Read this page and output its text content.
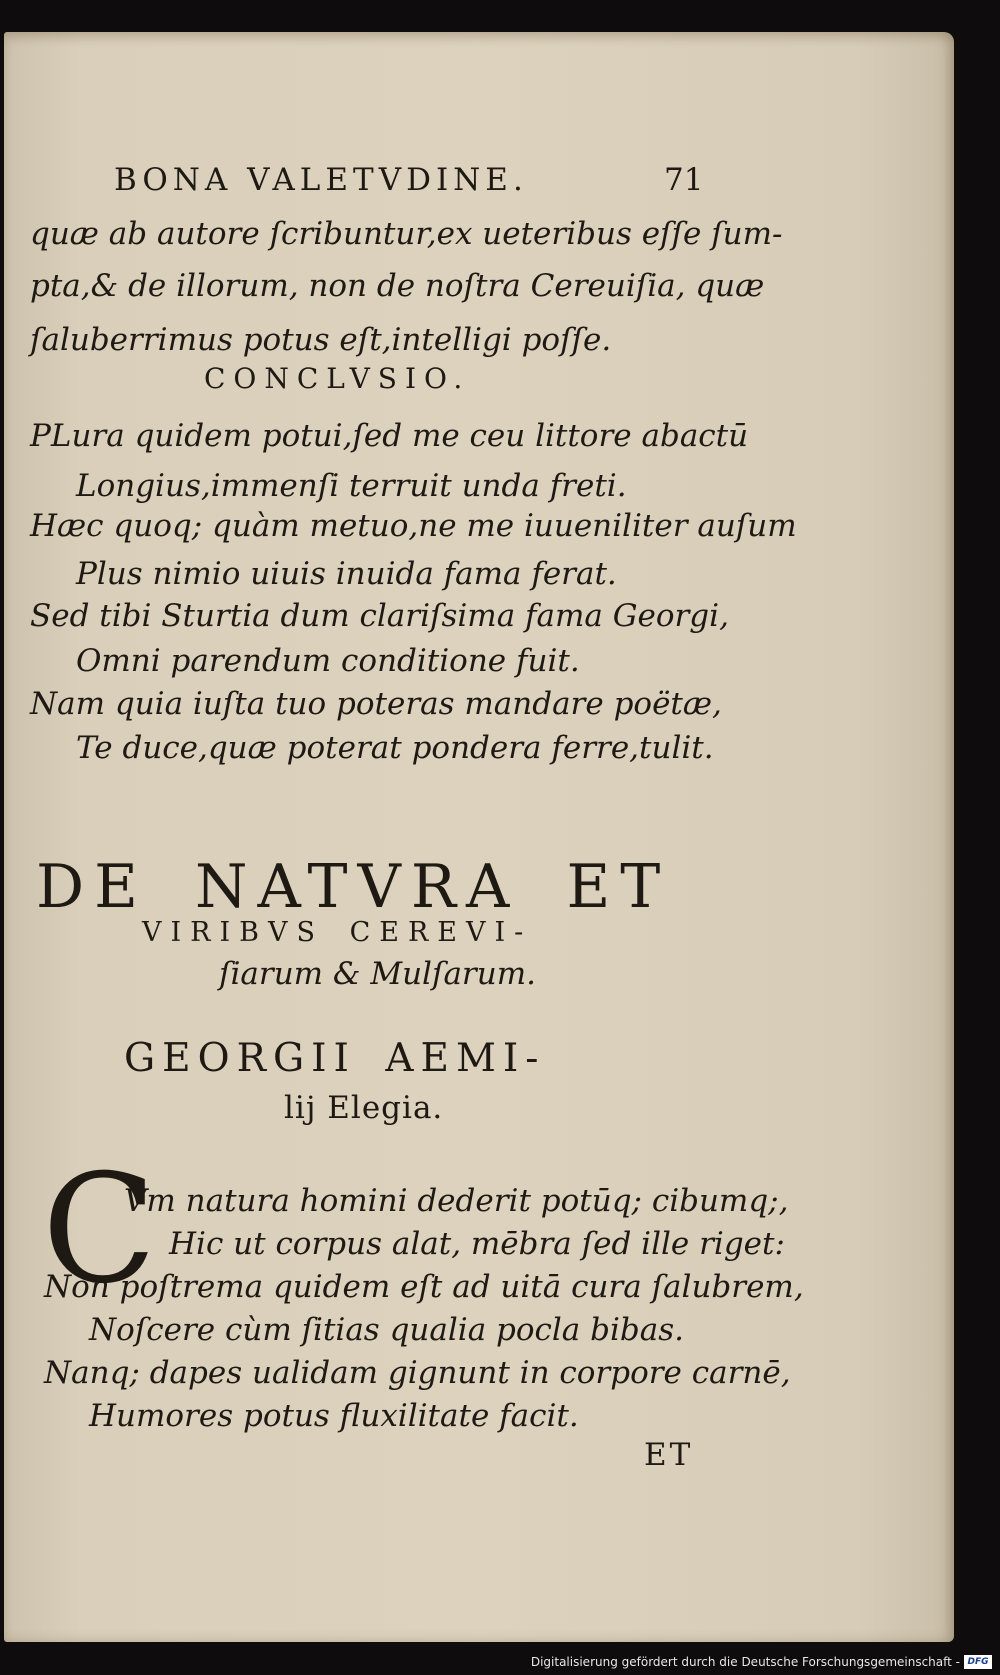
BONA VALETVDINE.	71
quæ ab autore ſcribuntur,ex ueteribus eſſe ſum-
pta,& de illorum, non de noſtra Cereuiſia, quæ
ſaluberrimus potus eſt,intelligi poſſe.
CONCLVSIO.
PLura quidem potui,ſed me ceu littore abactū
Longius,immenſi terruit unda freti.
Hæc quoq; quàm metuo,ne me iuueniliter auſum
Plus nimio uiuis inuida fama ferat.
Sed tibi Sturtia dum clariſsima fama Georgi,
Omni parendum conditione fuit.
Nam quia iuſta tuo poteras mandare poëtæ,
Te duce,quæ poterat pondera ferre,tulit.
DE NATVRA ET
VIRIBVS CEREVI-
ſiarum & Mulſarum.
GEORGII AEMI-
lij Elegia.
C
Vm natura homini dederit potūq; cibumq;,
Hic ut corpus alat, mēbra ſed ille riget:
Non poſtrema quidem eſt ad uitā cura ſalubrem,
Noſcere cùm ſitias qualia pocla bibas.
Nanq; dapes ualidam gignunt in corpore carnē,
Humores potus fluxilitate facit.
ET
Digitalisierung gefördert durch die Deutsche Forschungsgemeinschaft - DFG
